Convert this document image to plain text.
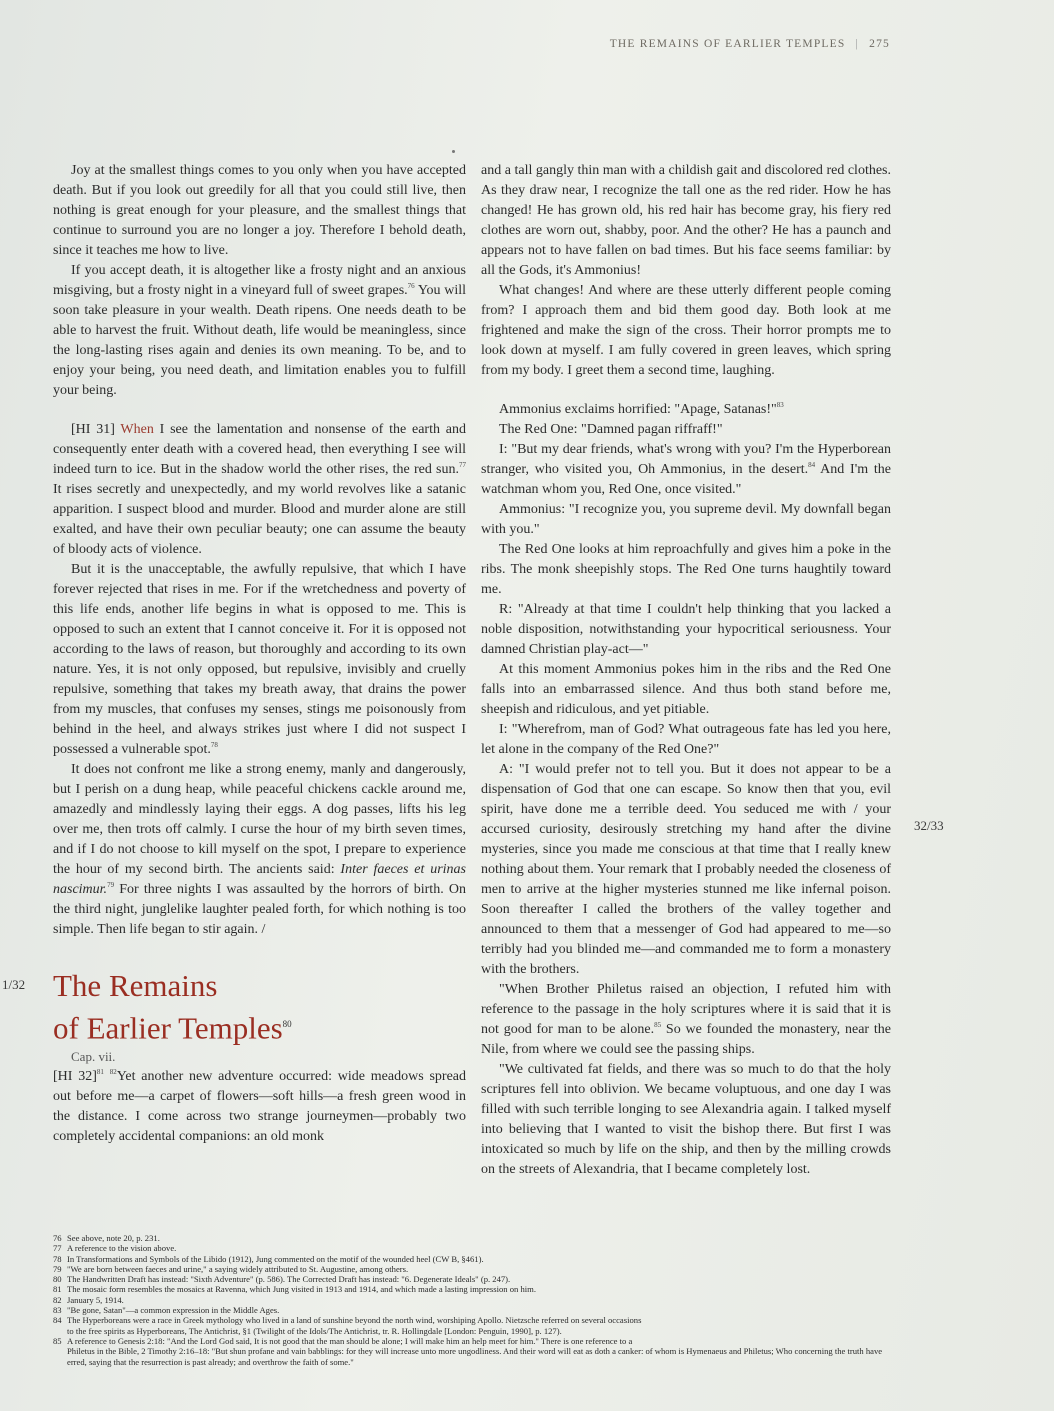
THE REMAINS OF EARLIER TEMPLES | 275

Joy at the smallest things comes to you only when you have accepted death. But if you look out greedily for all that you could still live, then nothing is great enough for your pleasure, and the smallest things that continue to surround you are no longer a joy. Therefore I behold death, since it teaches me how to live.

If you accept death, it is altogether like a frosty night and an anxious misgiving, but a frosty night in a vineyard full of sweet grapes.$^{76}$ You will soon take pleasure in your wealth. Death ripens. One needs death to be able to harvest the fruit. Without death, life would be meaningless, since the long-lasting rises again and denies its own meaning. To be, and to enjoy your being, you need death, and limitation enables you to fulfill your being.

[HI 31] When I see the lamentation and nonsense of the earth and consequently enter death with a covered head, then everything I see will indeed turn to ice. But in the shadow world the other rises, the red sun.$^{77}$ It rises secretly and unexpectedly, and my world revolves like a satanic apparition. I suspect blood and murder. Blood and murder alone are still exalted, and have their own peculiar beauty; one can assume the beauty of bloody acts of violence.

But it is the unacceptable, the awfully repulsive, that which I have forever rejected that rises in me. For if the wretchedness and poverty of this life ends, another life begins in what is opposed to me. This is opposed to such an extent that I cannot conceive it. For it is opposed not according to the laws of reason, but thoroughly and according to its own nature. Yes, it is not only opposed, but repulsive, invisibly and cruelly repulsive, something that takes my breath away, that drains the power from my muscles, that confuses my senses, stings me poisonously from behind in the heel, and always strikes just where I did not suspect I possessed a vulnerable spot.$^{78}$

It does not confront me like a strong enemy, manly and dangerously, but I perish on a dung heap, while peaceful chickens cackle around me, amazedly and mindlessly laying their eggs. A dog passes, lifts his leg over me, then trots off calmly. I curse the hour of my birth seven times, and if I do not choose to kill myself on the spot, I prepare to experience the hour of my second birth. The ancients said: Inter faeces et urinas nascimur.$^{79}$ For three nights I was assaulted by the horrors of birth. On the third night, junglelike laughter pealed forth, for which nothing is too simple. Then life began to stir again. /

The Remains
of Earlier Temples$^{80}$

Cap. vii.

[HI 32]$^{81}$ $^{82}$Yet another new adventure occurred: wide meadows spread out before me—a carpet of flowers—soft hills—a fresh green wood in the distance. I come across two strange journeymen—probably two completely accidental companions: an old monk

and a tall gangly thin man with a childish gait and discolored red clothes. As they draw near, I recognize the tall one as the red rider. How he has changed! He has grown old, his red hair has become gray, his fiery red clothes are worn out, shabby, poor. And the other? He has a paunch and appears not to have fallen on bad times. But his face seems familiar: by all the Gods, it's Ammonius!

What changes! And where are these utterly different people coming from? I approach them and bid them good day. Both look at me frightened and make the sign of the cross. Their horror prompts me to look down at myself. I am fully covered in green leaves, which spring from my body. I greet them a second time, laughing.

Ammonius exclaims horrified: "Apage, Satanas!"$^{83}$

The Red One: "Damned pagan riffraff!"

I: "But my dear friends, what's wrong with you? I'm the Hyperborean stranger, who visited you, Oh Ammonius, in the desert.$^{84}$ And I'm the watchman whom you, Red One, once visited."

Ammonius: "I recognize you, you supreme devil. My downfall began with you."

The Red One looks at him reproachfully and gives him a poke in the ribs. The monk sheepishly stops. The Red One turns haughtily toward me.

R: "Already at that time I couldn't help thinking that you lacked a noble disposition, notwithstanding your hypocritical seriousness. Your damned Christian play-act—"

At this moment Ammonius pokes him in the ribs and the Red One falls into an embarrassed silence. And thus both stand before me, sheepish and ridiculous, and yet pitiable.

I: "Wherefrom, man of God? What outrageous fate has led you here, let alone in the company of the Red One?"

A: "I would prefer not to tell you. But it does not appear to be a dispensation of God that one can escape. So know then that you, evil spirit, have done me a terrible deed. You seduced me with / your accursed curiosity, desirously stretching my hand after the divine mysteries, since you made me conscious at that time that I really knew nothing about them. Your remark that I probably needed the closeness of men to arrive at the higher mysteries stunned me like infernal poison. Soon thereafter I called the brothers of the valley together and announced to them that a messenger of God had appeared to me—so terribly had you blinded me—and commanded me to form a monastery with the brothers.

"When Brother Philetus raised an objection, I refuted him with reference to the passage in the holy scriptures where it is said that it is not good for man to be alone.$^{85}$ So we founded the monastery, near the Nile, from where we could see the passing ships.

"We cultivated fat fields, and there was so much to do that the holy scriptures fell into oblivion. We became voluptuous, and one day I was filled with such terrible longing to see Alexandria again. I talked myself into believing that I wanted to visit the bishop there. But first I was intoxicated so much by life on the ship, and then by the milling crowds on the streets of Alexandria, that I became completely lost.

1/32
32/33

76 See above, note 20, p. 231.

77 A reference to the vision above.

78 In Transformations and Symbols of the Libido (1912), Jung commented on the motif of the wounded heel (CW B, §461).

79 "We are born between faeces and urine," a saying widely attributed to St. Augustine, among others.

80 The Handwritten Draft has instead: "Sixth Adventure" (p. 586). The Corrected Draft has instead: "6. Degenerate Ideals" (p. 247).

81 The mosaic form resembles the mosaics at Ravenna, which Jung visited in 1913 and 1914, and which made a lasting impression on him.

82 January 5, 1914.

83 "Be gone, Satan"—a common expression in the Middle Ages.

84 The Hyperboreans were a race in Greek mythology who lived in a land of sunshine beyond the north wind, worshiping Apollo. Nietzsche referred on several occasions
to the free spirits as Hyperboreans, The Antichrist, §1 (Twilight of the Idols/The Antichrist, tr. R. Hollingdale [London: Penguin, 1990], p. 127).

85 A reference to Genesis 2:18: "And the Lord God said, It is not good that the man should be alone; I will make him an help meet for him." There is one reference to a
Philetus in the Bible, 2 Timothy 2:16–18: "But shun profane and vain babblings: for they will increase unto more ungodliness. And their word will eat as doth a canker: of whom is Hymenaeus and Philetus; Who concerning the truth have erred, saying that the resurrection is past already; and overthrow the faith of some."
